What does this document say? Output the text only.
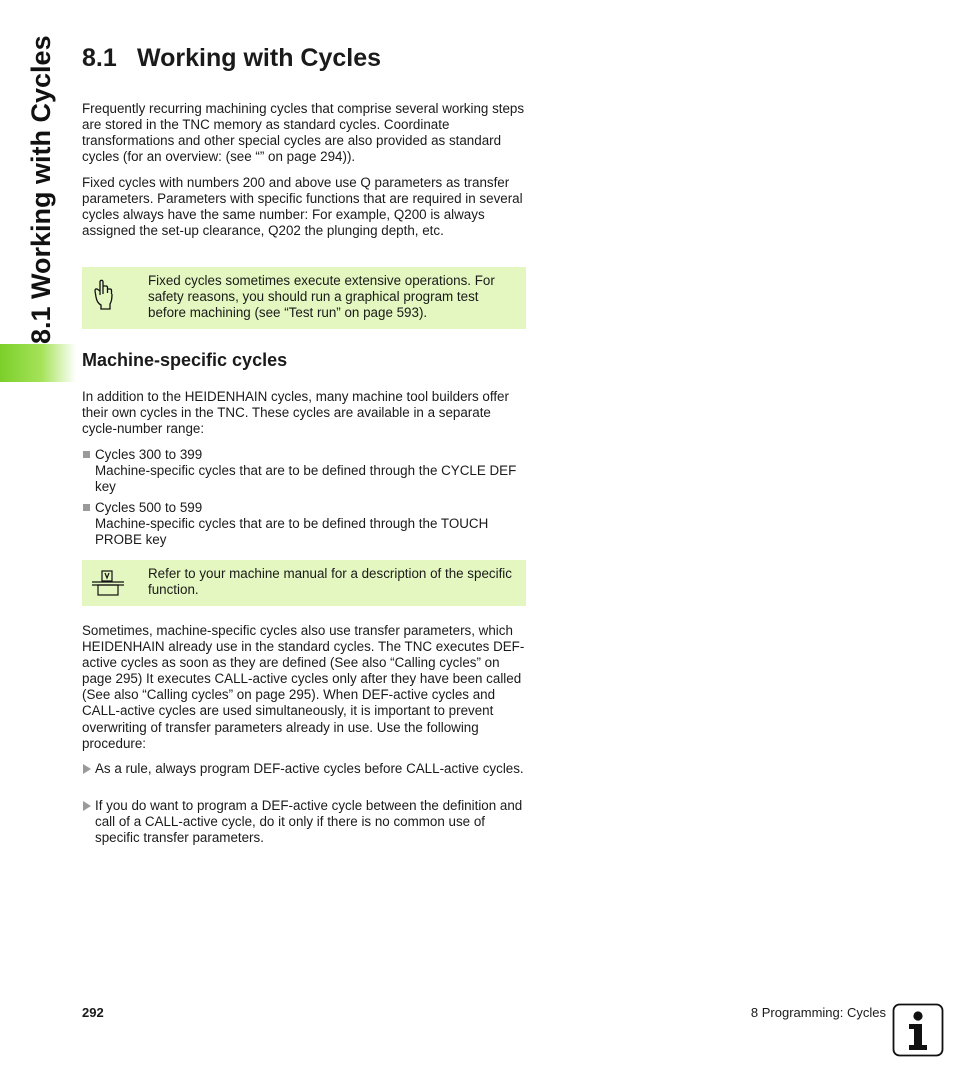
8.1 Working with Cycles 8.1 Working with Cycles

Frequently recurring machining cycles that comprise several working steps are stored in the TNC memory as standard cycles. Coordinate transformations and other special cycles are also provided as standard cycles (for an overview: (see “” on page 294)).

Fixed cycles with numbers 200 and above use Q parameters as transfer parameters. Parameters with specific functions that are required in several cycles always have the same number: For example, Q200 is always assigned the set-up clearance, Q202 the plunging depth, etc.

Fixed cycles sometimes execute extensive operations. For safety reasons, you should run a graphical program test before machining (see “Test run” on page 593).
Machine-specific cycles

In addition to the HEIDENHAIN cycles, many machine tool builders offer their own cycles in the TNC. These cycles are available in a separate cycle-number range:

Cycles 300 to 399
Machine-specific cycles that are to be defined through the CYCLE DEF key
Cycles 500 to 599
Machine-specific cycles that are to be defined through the TOUCH PROBE key
Refer to your machine manual for a description of the specific function.

Sometimes, machine-specific cycles also use transfer parameters, which HEIDENHAIN already use in the standard cycles. The TNC executes DEF-active cycles as soon as they are defined (See also “Calling cycles” on page 295) It executes CALL-active cycles only after they have been called (See also “Calling cycles” on page 295). When DEF-active cycles and CALL-active cycles are used simultaneously, it is important to prevent overwriting of transfer parameters already in use. Use the following procedure:

As a rule, always program DEF-active cycles before CALL-active cycles.
If you do want to program a DEF-active cycle between the definition and call of a CALL-active cycle, do it only if there is no common use of specific transfer parameters.
292	8 Programming: Cycles
